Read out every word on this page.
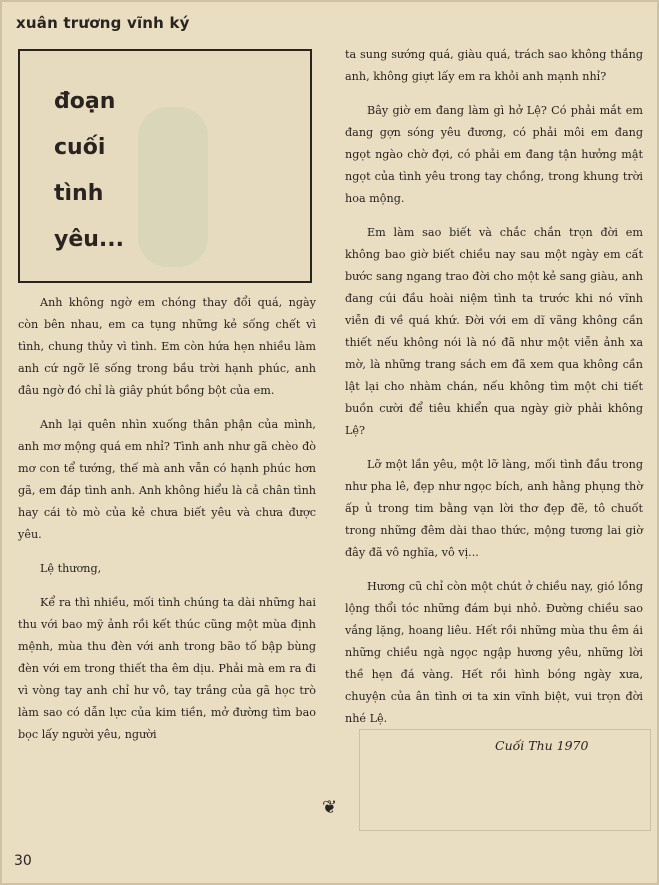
xuân trương vĩnh ký
đoạn
cuối
tình
yêu...

Anh không ngờ em chóng thay đổi quá, ngày còn bên nhau, em ca tụng những kẻ sống chết vì tình, chung thủy vì tình. Em còn hứa hẹn nhiều làm anh cứ ngỡ lẽ sống trong bầu trời hạnh phúc, anh đâu ngờ đó chỉ là giây phút bồng bột của em.

Anh lại quên nhìn xuống thân phận của mình, anh mơ mộng quá em nhỉ? Tình anh như gã chèo đò mơ con tể tướng, thế mà anh vẫn có hạnh phúc hơn gã, em đáp tình anh. Anh không hiểu là cả chân tình hay cái tò mò của kẻ chưa biết yêu và chưa được yêu.

Lệ thương,

Kể ra thì nhiều, mối tình chúng ta dài những hai thu với bao mỹ ảnh rồi kết thúc cũng một mùa định mệnh, mùa thu đèn với anh trong bão tố bập bùng đèn với em trong thiết tha êm dịu. Phải mà em ra đi vì vòng tay anh chỉ hư vô, tay trắng của gã học trò làm sao có dẫn lực của kim tiền, mở đường tìm bao bọc lấy người yêu, người

ta sung sướng quá, giàu quá, trách sao không thắng anh, không giựt lấy em ra khỏi anh mạnh nhỉ?

Bây giờ em đang làm gì hở Lệ? Có phải mắt em đang gợn sóng yêu đương, có phải môi em đang ngọt ngào chờ đợi, có phải em đang tận hưởng mật ngọt của tình yêu trong tay chồng, trong khung trời hoa mộng.

Em làm sao biết và chắc chắn trọn đời em không bao giờ biết chiều nay sau một ngày em cất bước sang ngang trao đời cho một kẻ sang giàu, anh đang cúi đầu hoài niệm tình ta trước khi nó vĩnh viễn đi về quá khứ. Đời với em dĩ vãng không cần thiết nếu không nói là nó đã như một viễn ảnh xa mờ, là những trang sách em đã xem qua không cần lật lại cho nhàm chán, nếu không tìm một chi tiết buồn cười để tiêu khiển qua ngày giờ phải không Lệ?

Lỡ một lần yêu, một lỡ làng, mối tình đầu trong như pha lê, đẹp như ngọc bích, anh hằng phụng thờ ấp ủ trong tim bằng vạn lời thơ đẹp đẽ, tô chuốt trong những đêm dài thao thức, mộng tương lai giờ đây đã vô nghĩa, vô vị...

Hương cũ chỉ còn một chút ở chiều nay, gió lồng lộng thổi tóc những đám bụi nhỏ. Đường chiều sao vắng lặng, hoang liêu. Hết rồi những mùa thu êm ái những chiều ngà ngọc ngập hương yêu, những lời thề hẹn đá vàng. Hết rồi hình bóng ngày xưa, chuyện của ân tình ơi ta xin vĩnh biệt, vui trọn đời nhé Lệ.

Cuối Thu 1970
❦
30
